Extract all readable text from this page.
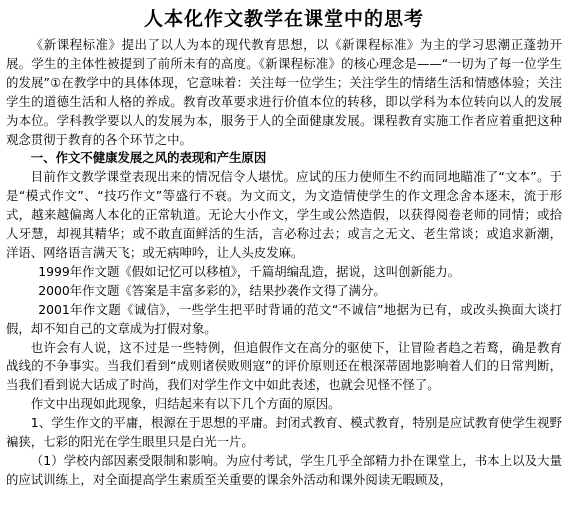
人本化作文教学在课堂中的思考

《新课程标准》提出了以人为本的现代教育思想，以《新课程标准》为主的学习思潮正蓬勃开展。学生的主体性被提到了前所未有的高度。《新课程标准》的核心理念是——“一切为了每一位学生的发展”①在教学中的具体体现，它意味着：关注每一位学生；关注学生的情绪生活和情感体验；关注学生的道德生活和人格的养成。教育改革要求进行价值本位的转移，即以学科为本位转向以人的发展为本位。学科教学要以人的发展为本，服务于人的全面健康发展。课程教育实施工作者应着重把这种观念贯彻于教育的各个环节之中。

一、作文不健康发展之风的表现和产生原因

目前作文教学课堂表现出来的情况信令人堪忧。应试的压力使师生不约而同地瞄准了“文本”。于是“模式作文”、“技巧作文”等盛行不衰。为文而文，为文造情使学生的作文理念舍本逐末，流于形式，越来越偏离人本化的正常轨道。无论大小作文，学生或公然造假，以获得阅卷老师的同情；或拾人牙慧，却视其精华；或不敢直面鲜活的生活，言必称过去；或言之无文、老生常谈；或追求新潮，洋语、网络语言满天飞；或无病呻吟，让人头皮发麻。

1999年作文题《假如记忆可以移植》，千篇胡编乱造，据说，这叫创新能力。

2000年作文题《答案是丰富多彩的》，结果抄袭作文得了满分。

2001年作文题《诚信》，一些学生把平时背诵的范文“不诚信”地据为已有，或改头换面大谈打假，却不知自己的文章成为打假对象。

也许会有人说，这不过是一些特例，但追假作文在高分的驱使下，让冒险者趋之若鹜，确是教育战线的不争事实。当我们看到“成则诸侯败则寇”的评价原则还在根深蒂固地影响着人们的日常判断，当我们看到说大话成了时尚，我们对学生作文中如此表述，也就会见怪不怪了。

作文中出现如此现象，归结起来有以下几个方面的原因。

1、学生作文的平庸，根源在于思想的平庸。封闭式教育、模式教育，特别是应试教育使学生视野褊狭，七彩的阳光在学生眼里只是白光一片。

（1）学校内部因素受限制和影响。为应付考试，学生几乎全部精力扑在课堂上，书本上以及大量的应试训练上，对全面提高学生素质至关重要的课余外活动和课外阅读无暇顾及，
